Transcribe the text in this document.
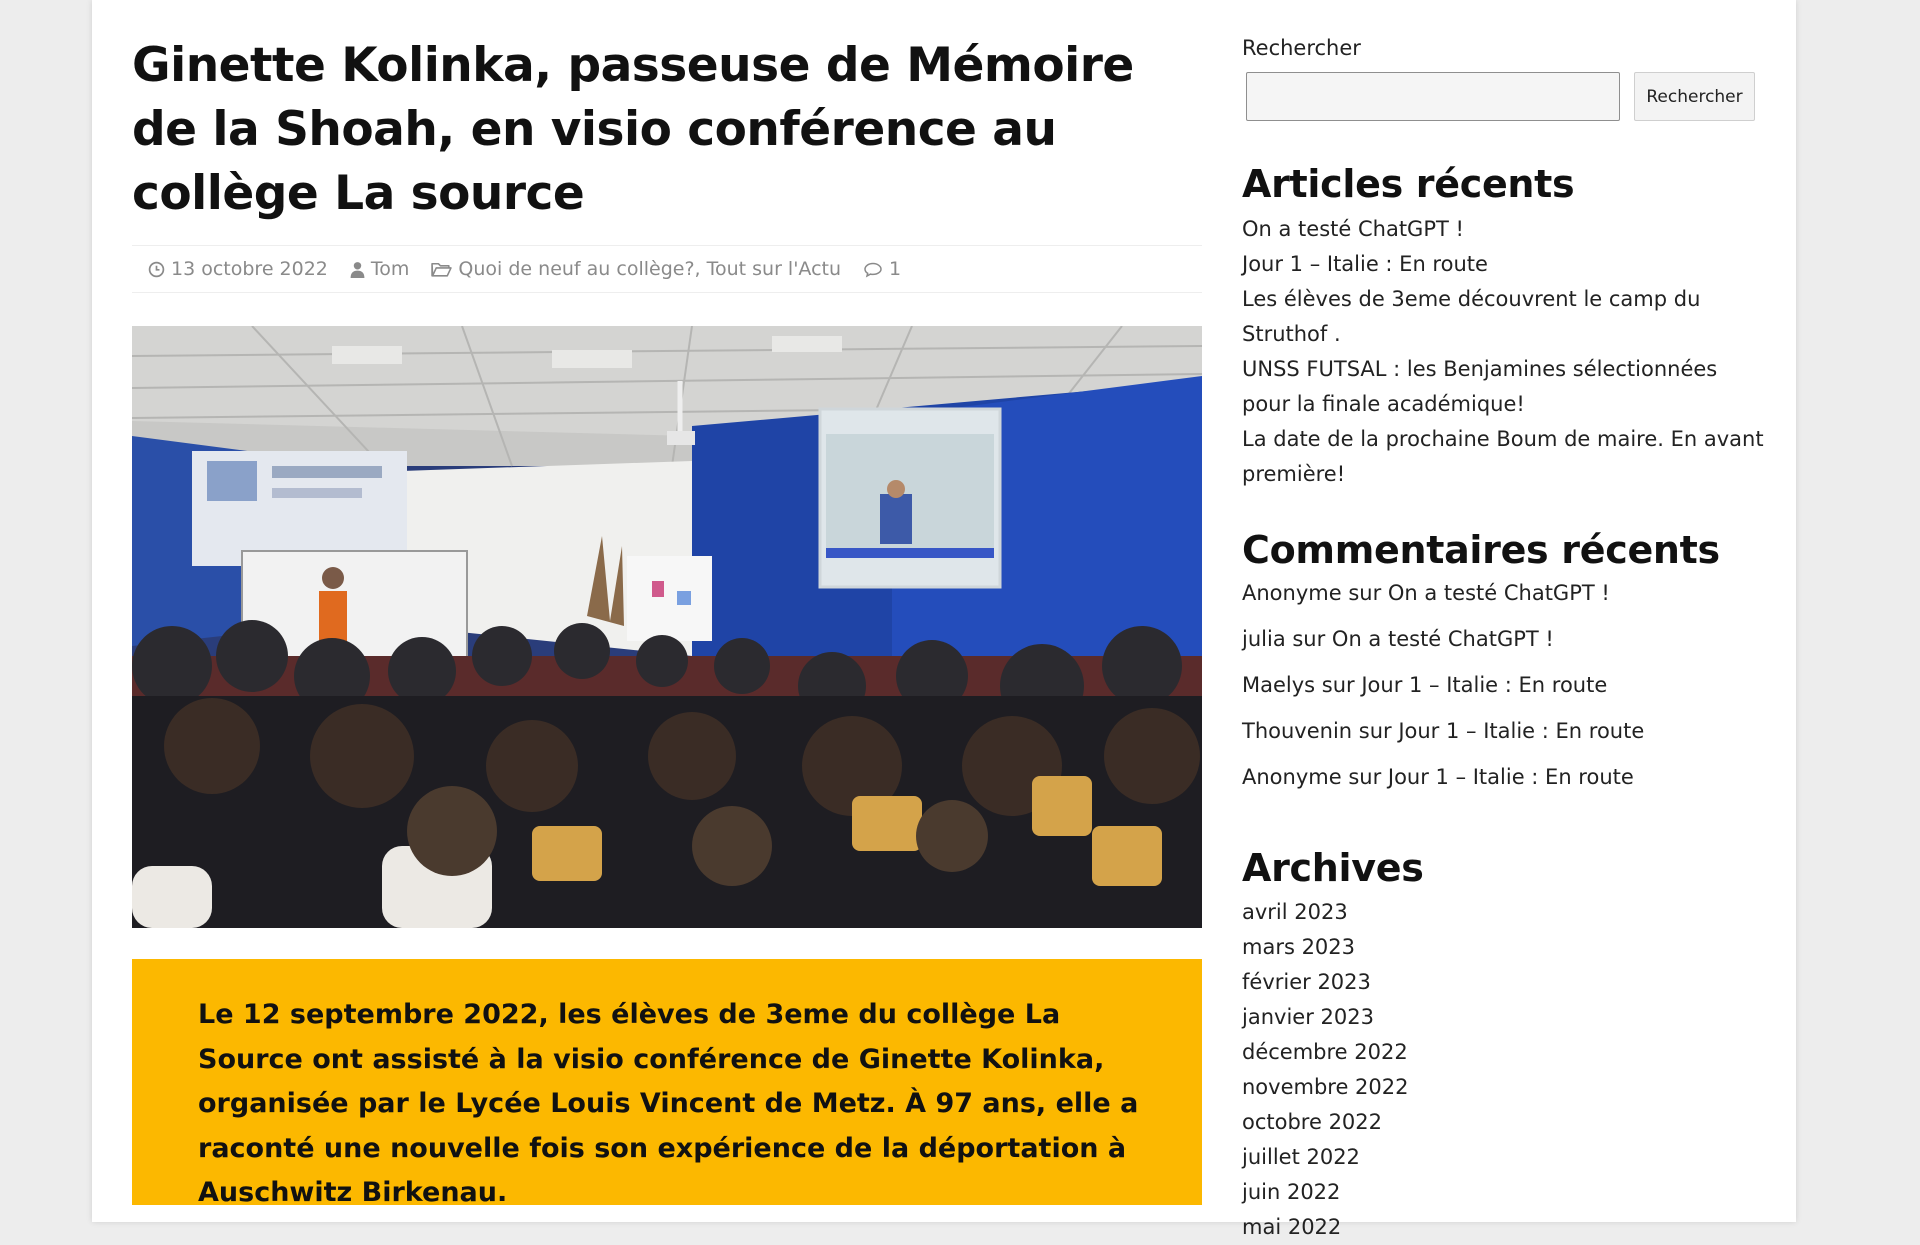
Ginette Kolinka, passeuse de Mémoire de la Shoah, en visio conférence au collège La source
13 octobre 2022 Tom	Quoi de neuf au collège?, Tout sur l'Actu	1
Le 12 septembre 2022, les élèves de 3eme du collège La Source ont assisté à la visio conférence de Ginette Kolinka, organisée par le Lycée Louis Vincent de Metz. À 97 ans, elle a raconté une nouvelle fois son expérience de la déportation à Auschwitz Birkenau.
Rechercher
Rechercher
Articles récents
On a testé ChatGPT !
Jour 1 – Italie : En route
Les élèves de 3eme découvrent le camp du Struthof .
UNSS FUTSAL : les Benjamines sélectionnées pour la finale académique!
La date de la prochaine Boum de maire. En avant première!
Commentaires récents
Anonyme sur On a testé ChatGPT !
julia sur On a testé ChatGPT !
Maelys sur Jour 1 – Italie : En route
Thouvenin sur Jour 1 – Italie : En route
Anonyme sur Jour 1 – Italie : En route
Archives
avril 2023
mars 2023
février 2023
janvier 2023
décembre 2022
novembre 2022
octobre 2022
juillet 2022
juin 2022
mai 2022
